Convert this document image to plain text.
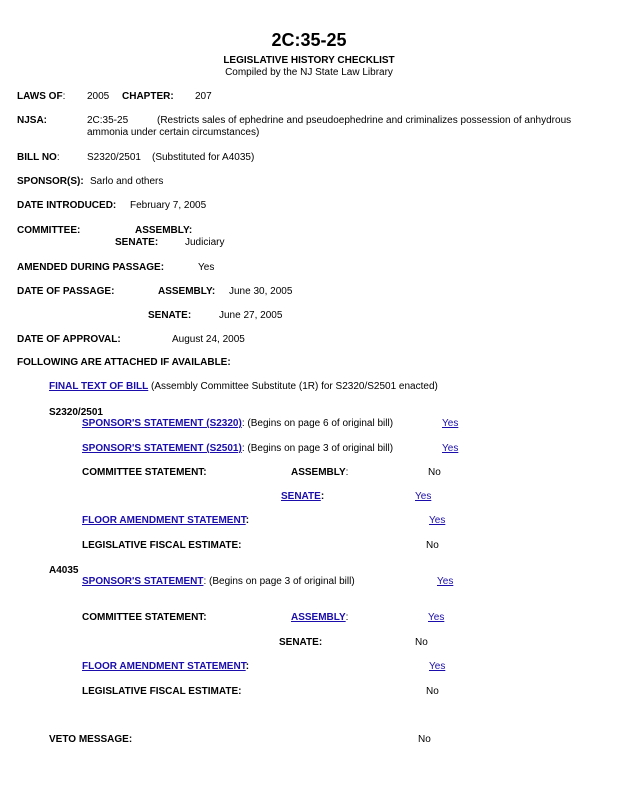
2C:35-25
LEGISLATIVE HISTORY CHECKLIST
Compiled by the NJ State Law Library
LAWS OF: 2005 CHAPTER: 207
NJSA:	2C:35-25	(Restricts sales of ephedrine and pseudoephedrine and criminalizes possession of anhydrous
ammonia under certain circumstances)
BILL NO:	S2320/2501 (Substituted for A4035)
SPONSOR(S): Sarlo and others
DATE INTRODUCED: February 7, 2005
COMMITTEE:	ASSEMBLY:
SENATE:	Judiciary
AMENDED DURING PASSAGE:	Yes
DATE OF PASSAGE:	ASSEMBLY: June 30, 2005
SENATE:	June 27, 2005
DATE OF APPROVAL:	August 24, 2005
FOLLOWING ARE ATTACHED IF AVAILABLE:
FINAL TEXT OF BILL (Assembly Committee Substitute (1R) for S2320/S2501 enacted)
S2320/2501
SPONSOR'S STATEMENT (S2320): (Begins on page 6 of original bill)	Yes
SPONSOR'S STATEMENT (S2501): (Begins on page 3 of original bill)	Yes
COMMITTEE STATEMENT:	ASSEMBLY:	No
SENATE:	Yes
FLOOR AMENDMENT STATEMENT:	Yes
LEGISLATIVE FISCAL ESTIMATE:	No
A4035
SPONSOR'S STATEMENT: (Begins on page 3 of original bill)	Yes
COMMITTEE STATEMENT:	ASSEMBLY:	Yes
SENATE:	No
FLOOR AMENDMENT STATEMENT:	Yes
LEGISLATIVE FISCAL ESTIMATE:	No
VETO MESSAGE:	No
